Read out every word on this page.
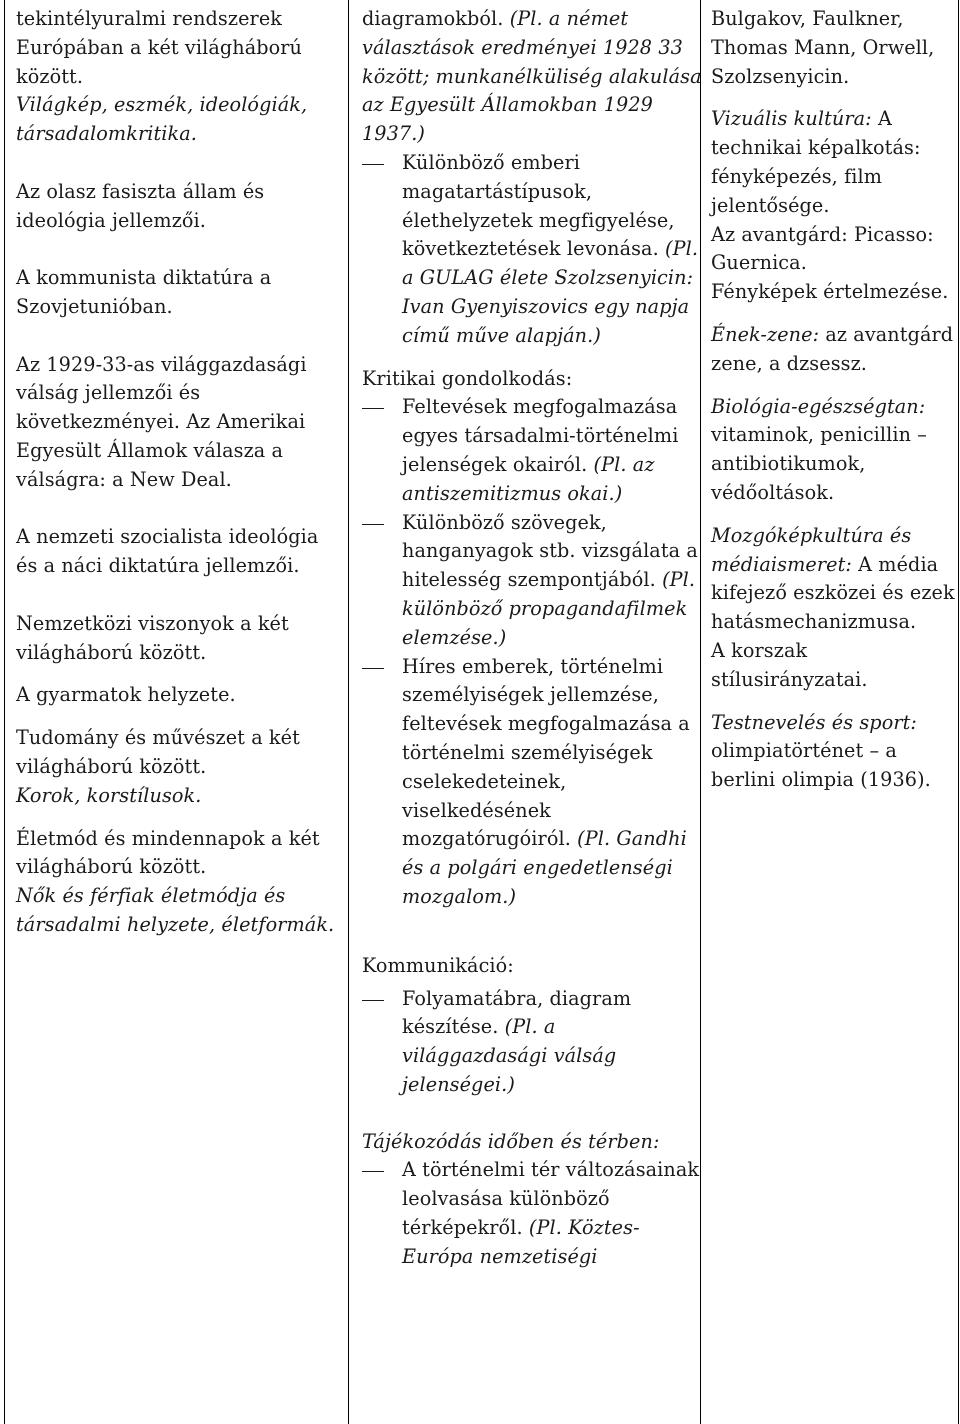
tekintélyuralmi rendszerek Európában a két világháború között.
Világkép, eszmék, ideológiák, társadalomkritika.

Az olasz fasiszta állam és ideológia jellemzői.

A kommunista diktatúra a Szovjetunióban.

Az 1929-33-as világgazdasági válság jellemzői és következményei. Az Amerikai Egyesült Államok válasza a válságra: a New Deal.

A nemzeti szocialista ideológia és a náci diktatúra jellemzői.

Nemzetközi viszonyok a két világháború között.

A gyarmatok helyzete.

Tudomány és művészet a két világháború között.
Korok, korstílusok.

Életmód és mindennapok a két világháború között.
Nők és férfiak életmódja és társadalmi helyzete, életformák.

diagramokból. (Pl. a német választások eredményei 1928 33 között; munkanélküliség alakulása az Egyesült Államokban 1929 1937.)

Különböző emberi magatartástípusok, élethelyzetek megfigyelése, következtetések levonása. (Pl. a GULAG élete Szolzsenyicin: Ivan Gyenyiszovics egy napja című műve alapján.)

Kritikai gondolkodás:

Feltevések megfogalmazása egyes társadalmi-történelmi jelenségek okairól. (Pl. az antiszemitizmus okai.)
Különböző szövegek, hanganyagok stb. vizsgálata a hitelesség szempontjából. (Pl. különböző propagandafilmek elemzése.)
Híres emberek, történelmi személyiségek jellemzése, feltevések megfogalmazása a történelmi személyiségek cselekedeteinek, viselkedésének mozgatórugóiról. (Pl. Gandhi és a polgári engedetlenségi mozgalom.)

Kommunikáció:

Folyamatábra, diagram készítése. (Pl. a világgazdasági válság jelenségei.)

Tájékozódás időben és térben:

A történelmi tér változásainak leolvasása különböző térképekről. (Pl. Köztes-Európa nemzetiségi

Bulgakov, Faulkner, Thomas Mann, Orwell, Szolzsenyicin.

Vizuális kultúra: A technikai képalkotás: fényképezés, film jelentősége.
Az avantgárd: Picasso: Guernica.
Fényképek értelmezése.

Ének-zene: az avantgárd zene, a dzsessz.

Biológia-egészségtan: vitaminok, penicillin – antibiotikumok, védőoltások.

Mozgóképkultúra és médiaismeret: A média kifejező eszközei és ezek hatásmechanizmusa.
A korszak stílusirányzatai.

Testnevelés és sport: olimpiatörténet – a berlini olimpia (1936).
